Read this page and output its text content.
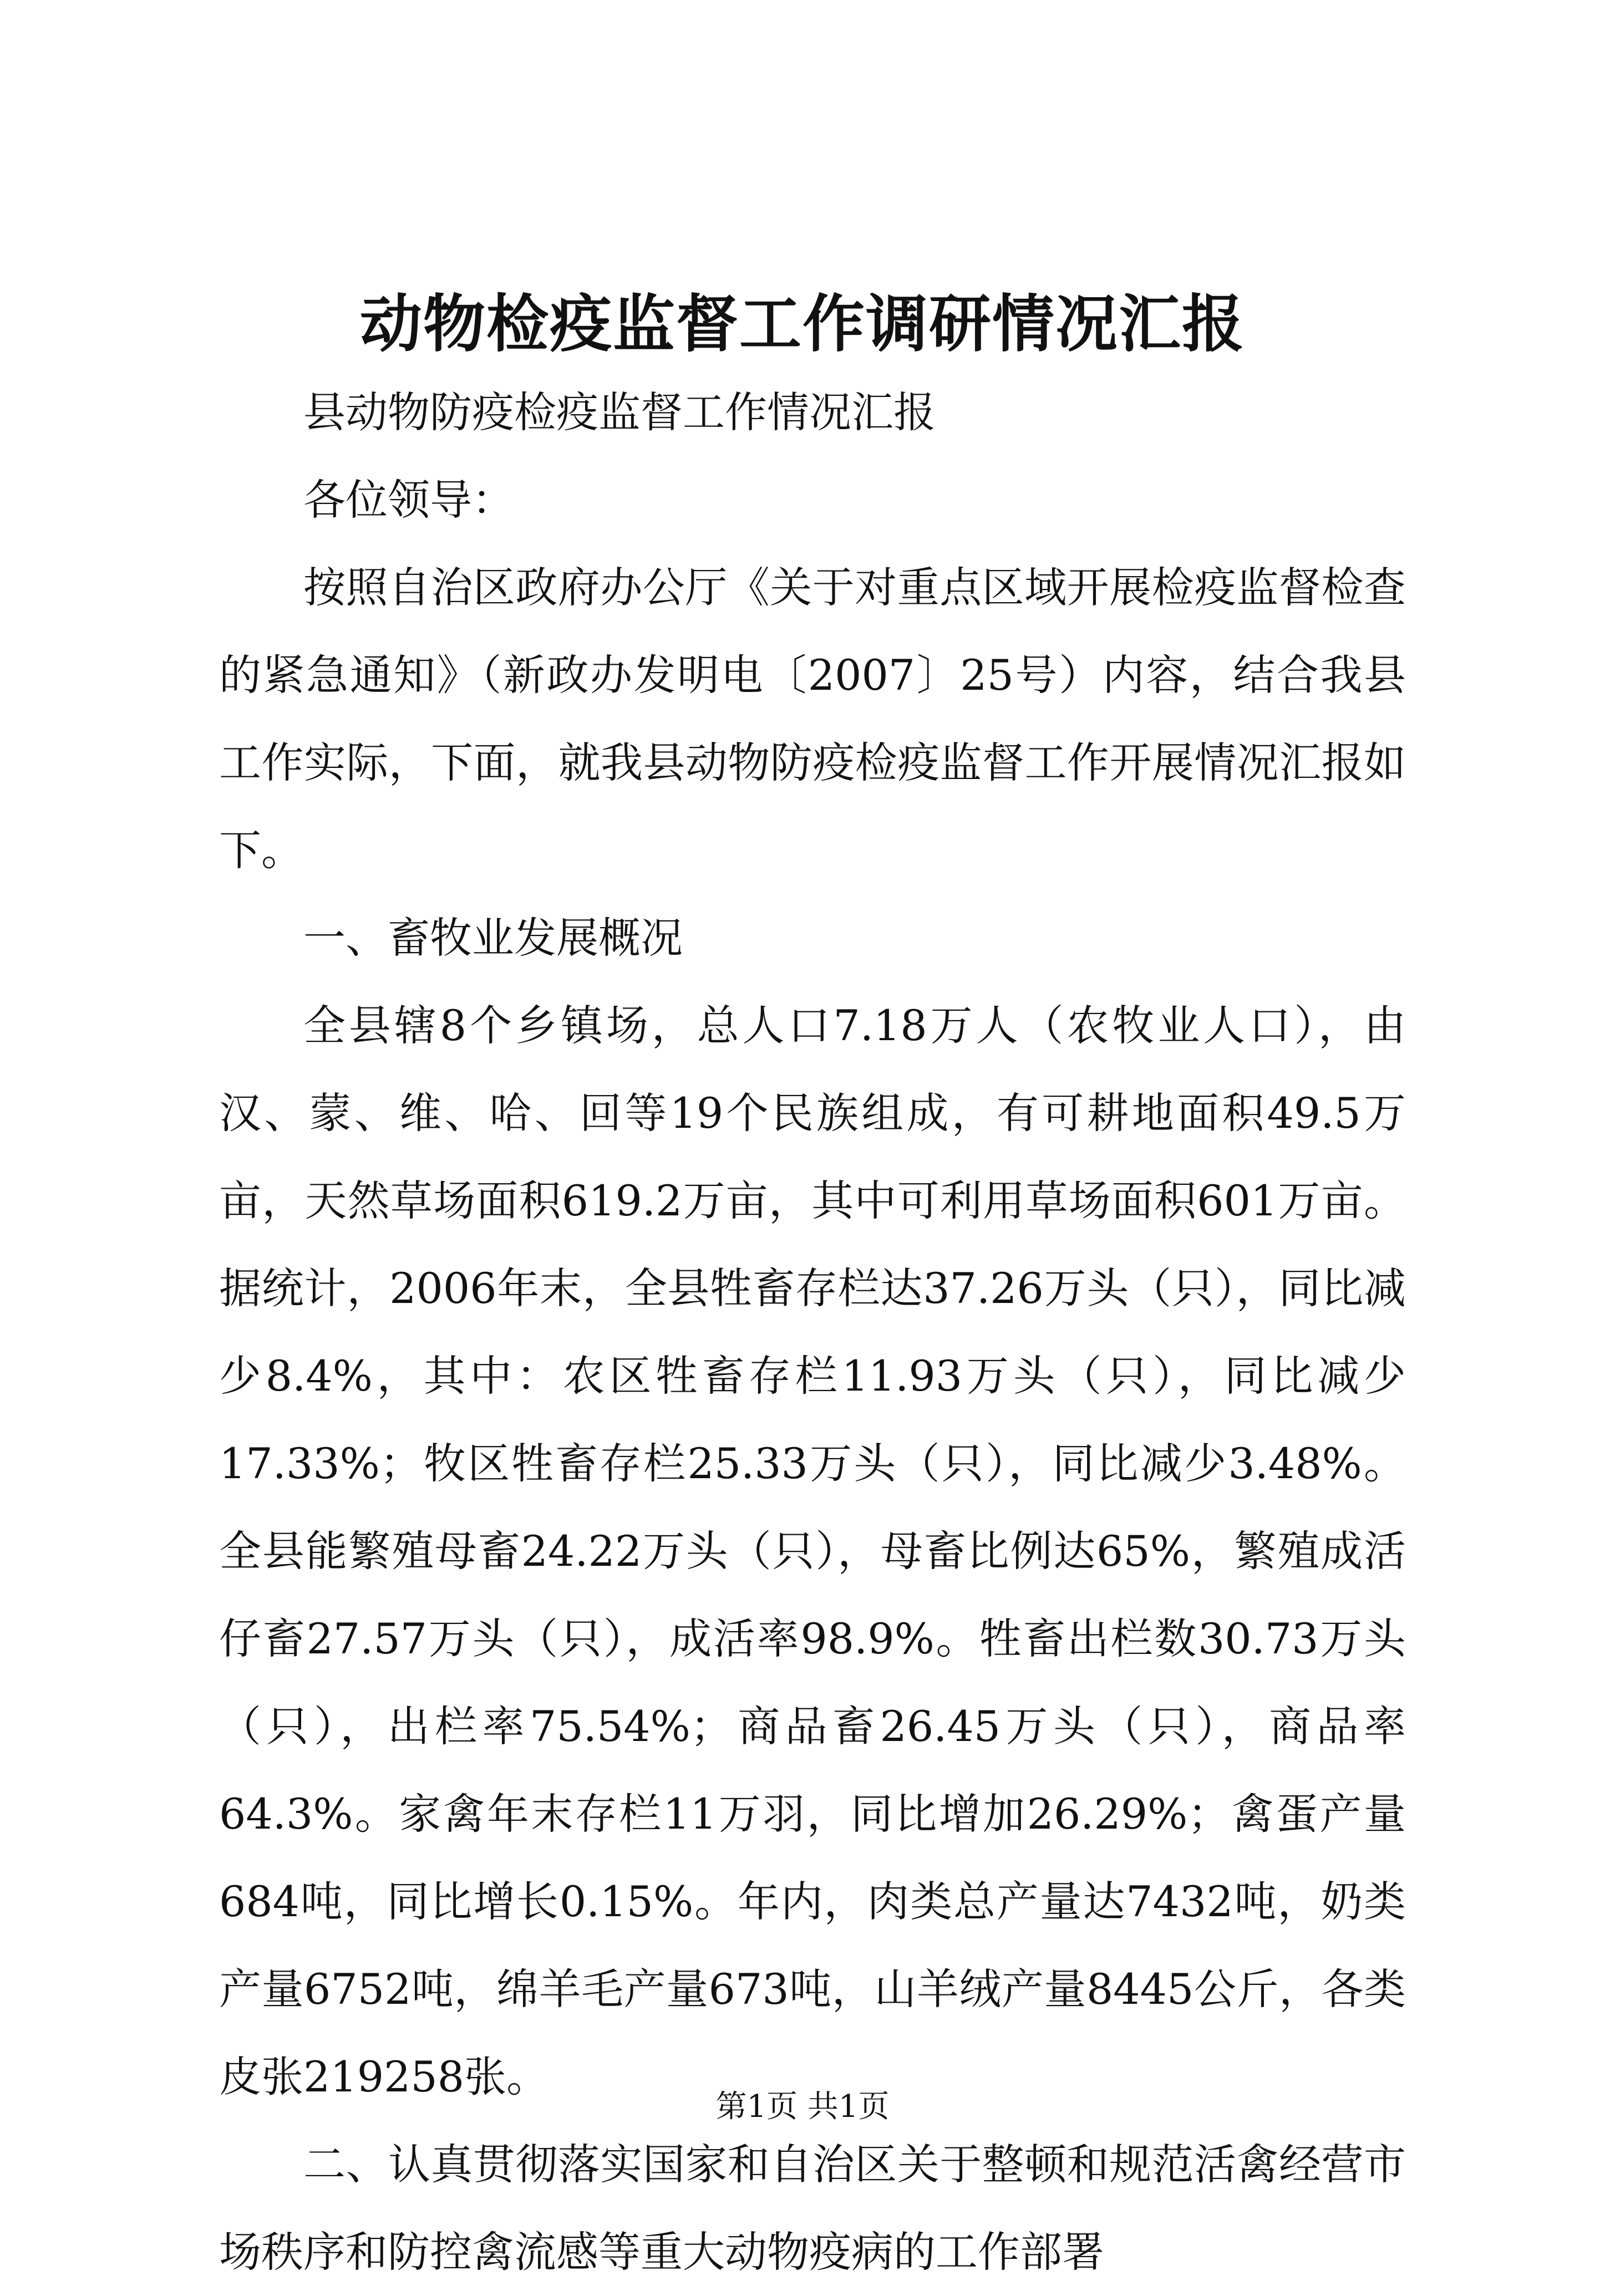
动物检疫监督工作调研情况汇报

县动物防疫检疫监督工作情况汇报

各位领导：

按照自治区政府办公厅《关于对重点区域开展检疫监督检查的紧急通知》（新政办发明电〔2007〕25号）内容，结合我县工作实际，下面，就我县动物防疫检疫监督工作开展情况汇报如下。

一、畜牧业发展概况

全县辖8个乡镇场，总人口7.18万人（农牧业人口），由汉、蒙、维、哈、回等19个民族组成，有可耕地面积49.5万亩，天然草场面积619.2万亩，其中可利用草场面积601万亩。据统计，2006年末，全县牲畜存栏达37.26万头（只），同比减少8.4%，其中：农区牲畜存栏11.93万头（只），同比减少17.33%；牧区牲畜存栏25.33万头（只），同比减少3.48%。全县能繁殖母畜24.22万头（只），母畜比例达65%，繁殖成活仔畜27.57万头（只），成活率98.9%。牲畜出栏数30.73万头（只），出栏率75.54%；商品畜26.45万头（只），商品率64.3%。家禽年末存栏11万羽，同比增加26.29%；禽蛋产量684吨，同比增长0.15%。年内，肉类总产量达7432吨，奶类产量6752吨，绵羊毛产量673吨，山羊绒产量8445公斤，各类皮张219258张。

二、认真贯彻落实国家和自治区关于整顿和规范活禽经营市场秩序和防控禽流感等重大动物疫病的工作部署

第1页 共1页
